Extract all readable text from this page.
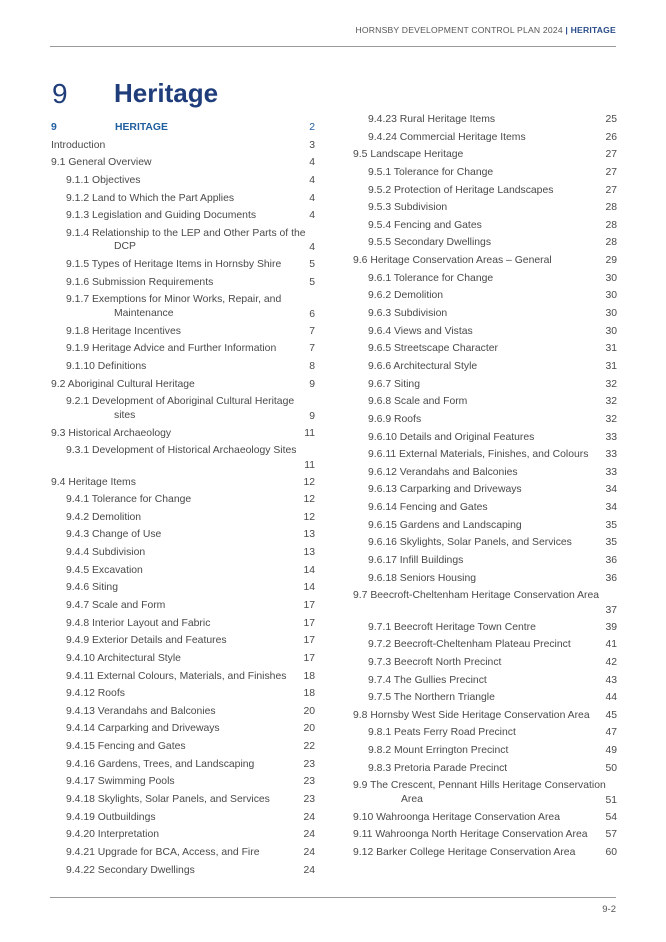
HORNSBY DEVELOPMENT CONTROL PLAN 2024 | HERITAGE
9 Heritage
9	HERITAGE	2
Introduction	3
9.1 General Overview	4
9.1.1 Objectives	4
9.1.2 Land to Which the Part Applies	4
9.1.3 Legislation and Guiding Documents	4
9.1.4 Relationship to the LEP and Other Parts of the
DCP	4
9.1.5 Types of Heritage Items in Hornsby Shire	5
9.1.6 Submission Requirements	5
9.1.7 Exemptions for Minor Works, Repair, and
Maintenance	6
9.1.8 Heritage Incentives	7
9.1.9 Heritage Advice and Further Information	7
9.1.10 Definitions	8
9.2 Aboriginal Cultural Heritage	9
9.2.1 Development of Aboriginal Cultural Heritage
sites	9
9.3 Historical Archaeology	11
9.3.1 Development of Historical Archaeology Sites
11
9.4 Heritage Items	12
9.4.1 Tolerance for Change	12
9.4.2 Demolition	12
9.4.3 Change of Use	13
9.4.4 Subdivision	13
9.4.5 Excavation	14
9.4.6 Siting	14
9.4.7 Scale and Form	17
9.4.8 Interior Layout and Fabric	17
9.4.9 Exterior Details and Features	17
9.4.10 Architectural Style	17
9.4.11 External Colours, Materials, and Finishes	18
9.4.12 Roofs	18
9.4.13 Verandahs and Balconies	20
9.4.14 Carparking and Driveways	20
9.4.15 Fencing and Gates	22
9.4.16 Gardens, Trees, and Landscaping	23
9.4.17 Swimming Pools	23
9.4.18 Skylights, Solar Panels, and Services	23
9.4.19 Outbuildings	24
9.4.20 Interpretation	24
9.4.21 Upgrade for BCA, Access, and Fire	24
9.4.22 Secondary Dwellings	24
9.4.23 Rural Heritage Items	25
9.4.24 Commercial Heritage Items	26
9.5 Landscape Heritage	27
9.5.1 Tolerance for Change	27
9.5.2 Protection of Heritage Landscapes	27
9.5.3 Subdivision	28
9.5.4 Fencing and Gates	28
9.5.5 Secondary Dwellings	28
9.6 Heritage Conservation Areas – General	29
9.6.1 Tolerance for Change	30
9.6.2 Demolition	30
9.6.3 Subdivision	30
9.6.4 Views and Vistas	30
9.6.5 Streetscape Character	31
9.6.6 Architectural Style	31
9.6.7 Siting	32
9.6.8 Scale and Form	32
9.6.9 Roofs	32
9.6.10 Details and Original Features	33
9.6.11 External Materials, Finishes, and Colours	33
9.6.12 Verandahs and Balconies	33
9.6.13 Carparking and Driveways	34
9.6.14 Fencing and Gates	34
9.6.15 Gardens and Landscaping	35
9.6.16 Skylights, Solar Panels, and Services	35
9.6.17 Infill Buildings	36
9.6.18 Seniors Housing	36
9.7 Beecroft-Cheltenham Heritage Conservation Area
37
9.7.1 Beecroft Heritage Town Centre	39
9.7.2 Beecroft-Cheltenham Plateau Precinct	41
9.7.3 Beecroft North Precinct	42
9.7.4 The Gullies Precinct	43
9.7.5 The Northern Triangle	44
9.8 Hornsby West Side Heritage Conservation Area	45
9.8.1 Peats Ferry Road Precinct	47
9.8.2 Mount Errington Precinct	49
9.8.3 Pretoria Parade Precinct	50
9.9 The Crescent, Pennant Hills Heritage Conservation
Area	51
9.10 Wahroonga Heritage Conservation Area	54
9.11 Wahroonga North Heritage Conservation Area	57
9.12 Barker College Heritage Conservation Area	60
9-2
